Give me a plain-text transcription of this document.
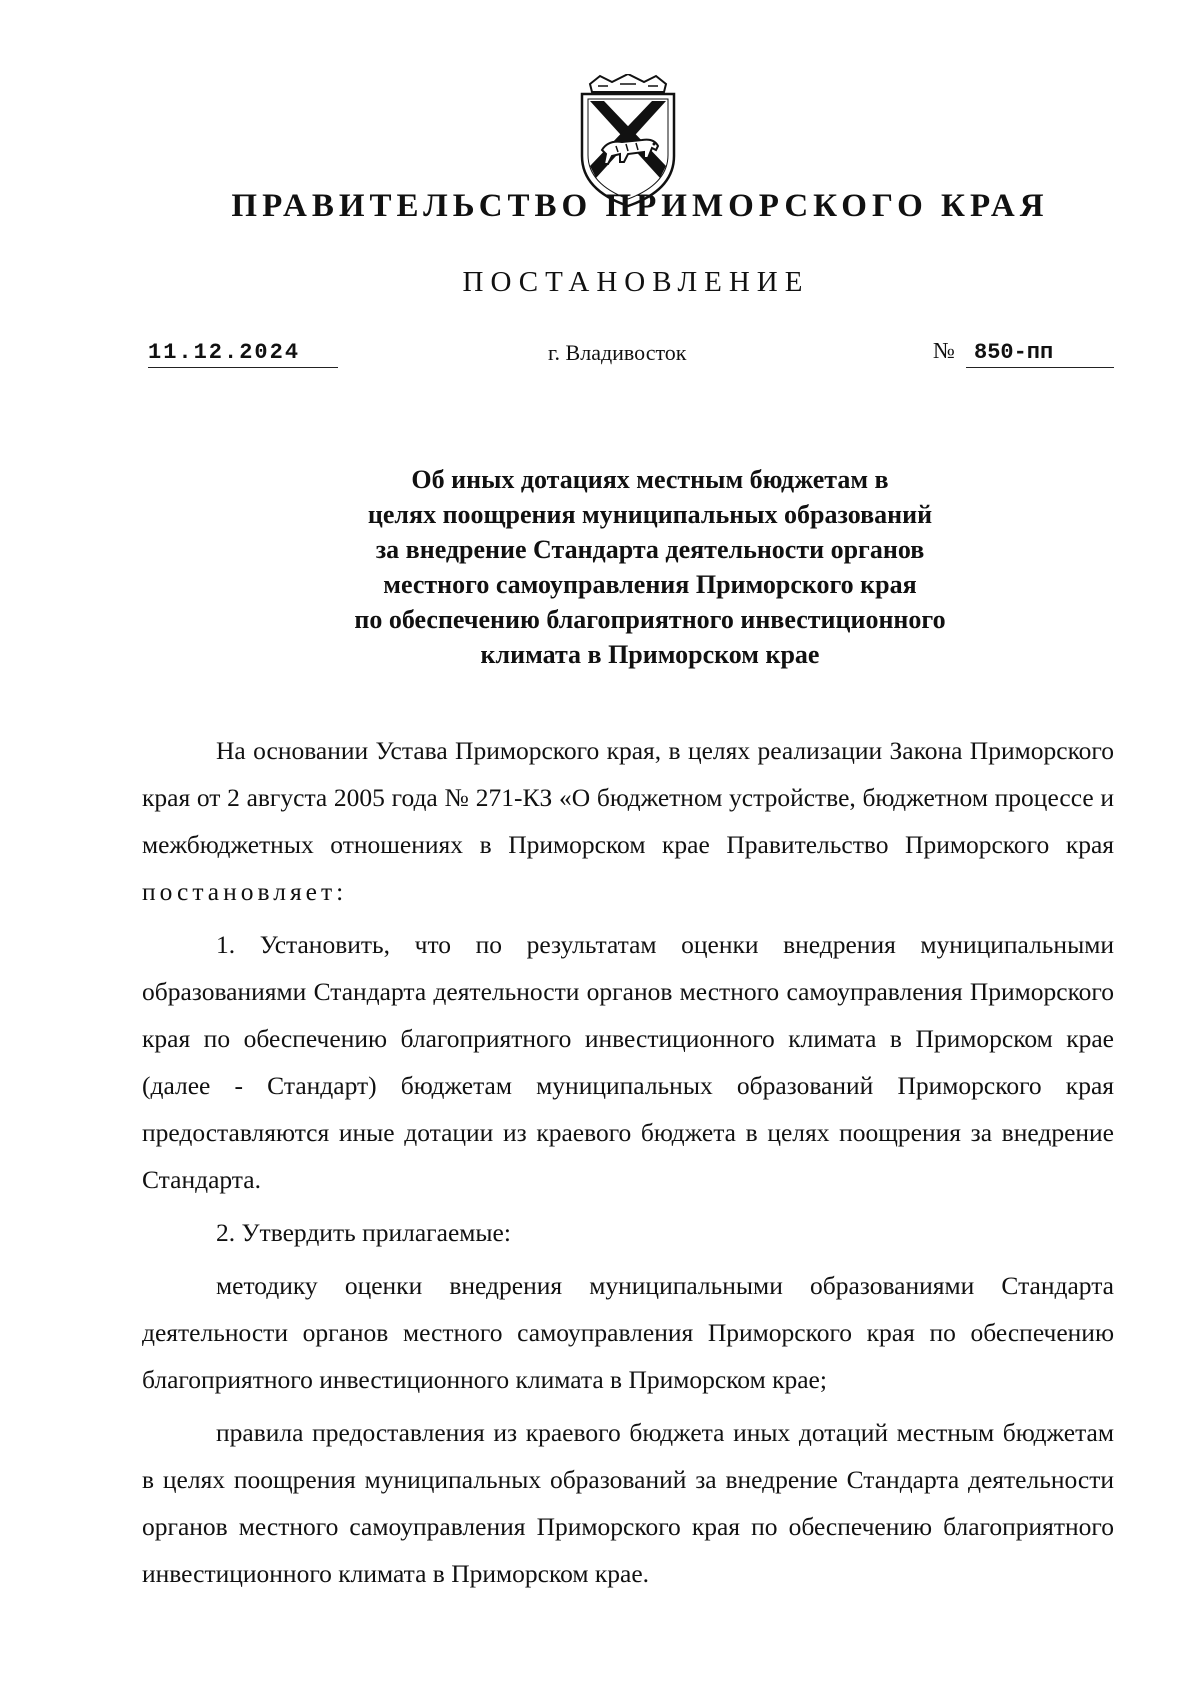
ПРАВИТЕЛЬСТВО ПРИМОРСКОГО КРАЯ
ПОСТАНОВЛЕНИЕ
11.12.2024	г. Владивосток	№ 850-пп
Об иных дотациях местным бюджетам в
целях поощрения муниципальных образований
за внедрение Стандарта деятельности органов
местного самоуправления Приморского края
по обеспечению благоприятного инвестиционного
климата в Приморском крае

На основании Устава Приморского края, в целях реализации Закона Приморского края от 2 августа 2005 года № 271-КЗ «О бюджетном устройстве, бюджетном процессе и межбюджетных отношениях в Приморском крае Правительство Приморского края постановляет:

1. Установить, что по результатам оценки внедрения муниципальными образованиями Стандарта деятельности органов местного самоуправления Приморского края по обеспечению благоприятного инвестиционного климата в Приморском крае (далее - Стандарт) бюджетам муниципальных образований Приморского края предоставляются иные дотации из краевого бюджета в целях поощрения за внедрение Стандарта.

2. Утвердить прилагаемые:

методику оценки внедрения муниципальными образованиями Стандарта деятельности органов местного самоуправления Приморского края по обеспечению благоприятного инвестиционного климата в Приморском крае;

правила предоставления из краевого бюджета иных дотаций местным бюджетам в целях поощрения муниципальных образований за внедрение Стандарта деятельности органов местного самоуправления Приморского края по обеспечению благоприятного инвестиционного климата в Приморском крае.
